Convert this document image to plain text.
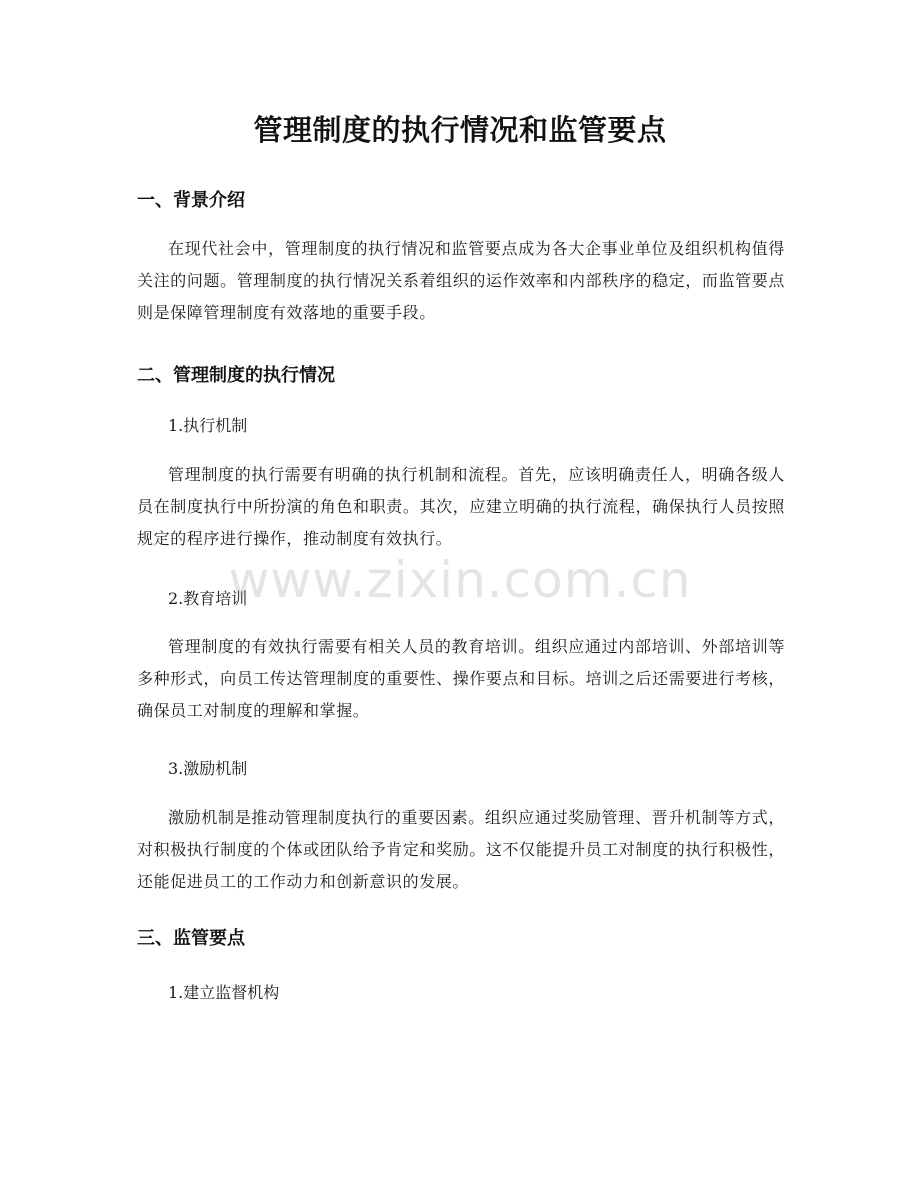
管理制度的执行情况和监管要点
一、背景介绍
在现代社会中，管理制度的执行情况和监管要点成为各大企事业单位及组织机构值得关注的问题。管理制度的执行情况关系着组织的运作效率和内部秩序的稳定，而监管要点则是保障管理制度有效落地的重要手段。
二、管理制度的执行情况
1.执行机制
管理制度的执行需要有明确的执行机制和流程。首先，应该明确责任人，明确各级人员在制度执行中所扮演的角色和职责。其次，应建立明确的执行流程，确保执行人员按照规定的程序进行操作，推动制度有效执行。
2.教育培训
管理制度的有效执行需要有相关人员的教育培训。组织应通过内部培训、外部培训等多种形式，向员工传达管理制度的重要性、操作要点和目标。培训之后还需要进行考核，确保员工对制度的理解和掌握。
3.激励机制
激励机制是推动管理制度执行的重要因素。组织应通过奖励管理、晋升机制等方式，对积极执行制度的个体或团队给予肯定和奖励。这不仅能提升员工对制度的执行积极性，还能促进员工的工作动力和创新意识的发展。
三、监管要点
1.建立监督机构
www.zixin.com.cn
